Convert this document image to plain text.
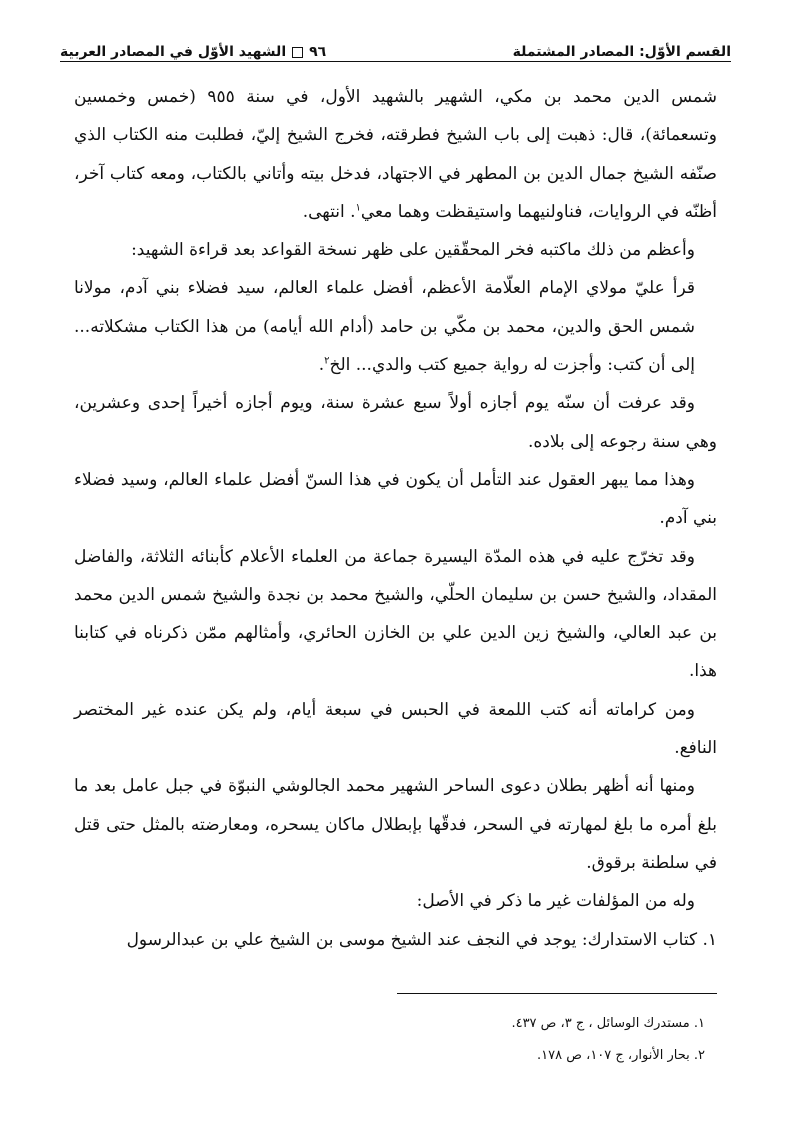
٩٦
الشهيد الأوّل في المصادر العربية	القسم الأوّل: المصادر المشتملة

شمس الدين محمد بن مكي، الشهير بالشهيد الأول، في سنة ٩٥٥ (خمس وخمسين وتسعمائة)، قال: ذهبت إلى باب الشيخ فطرقته، فخرج الشيخ إليّ، فطلبت منه الكتاب الذي صنّفه الشيخ جمال الدين بن المطهر في الاجتهاد، فدخل بيته وأتاني بالكتاب، ومعه كتاب آخر، أظنّه في الروايات، فناولنيهما واستيقظت وهما معي$^١$. انتهى.

وأعظم من ذلك ماكتبه فخر المحقّقين على ظهر نسخة القواعد بعد قراءة الشهيد:

قرأ عليّ مولاي الإمام العلّامة الأعظم، أفضل علماء العالم، سيد فضلاء بني آدم، مولانا شمس الحق والدين، محمد بن مكّي بن حامد (أدام الله أيامه) من هذا الكتاب مشكلاته... إلى أن كتب: وأجزت له رواية جميع كتب والدي... الخ$^٢$.

وقد عرفت أن سنّه يوم أجازه أولاً سبع عشرة سنة، ويوم أجازه أخيراً إحدى وعشرين، وهي سنة رجوعه إلى بلاده.

وهذا مما يبهر العقول عند التأمل أن يكون في هذا السنّ أفضل علماء العالم، وسيد فضلاء بني آدم.

وقد تخرّج عليه في هذه المدّة اليسيرة جماعة من العلماء الأعلام كأبنائه الثلاثة، والفاضل المقداد، والشيخ حسن بن سليمان الحلّي، والشيخ محمد بن نجدة والشيخ شمس الدين محمد بن عبد العالي، والشيخ زين الدين علي بن الخازن الحائري، وأمثالهم ممّن ذكرناه في كتابنا هذا.

ومن كراماته أنه كتب اللمعة في الحبس في سبعة أيام، ولم يكن عنده غير المختصر النافع.

ومنها أنه أظهر بطلان دعوى الساحر الشهير محمد الجالوشي النبوّة في جبل عامل بعد ما بلغ أمره ما بلغ لمهارته في السحر، فدقّها بإبطلال ماكان يسحره، ومعارضته بالمثل حتى قتل في سلطنة برقوق.

وله من المؤلفات غير ما ذكر في الأصل:

١. كتاب الاستدارك: يوجد في النجف عند الشيخ موسى بن الشيخ علي بن عبدالرسول

١. مستدرك الوسائل ، ج ٣، ص ٤٣٧.
٢. بحار الأنوار، ج ١٠٧، ص ١٧٨.
